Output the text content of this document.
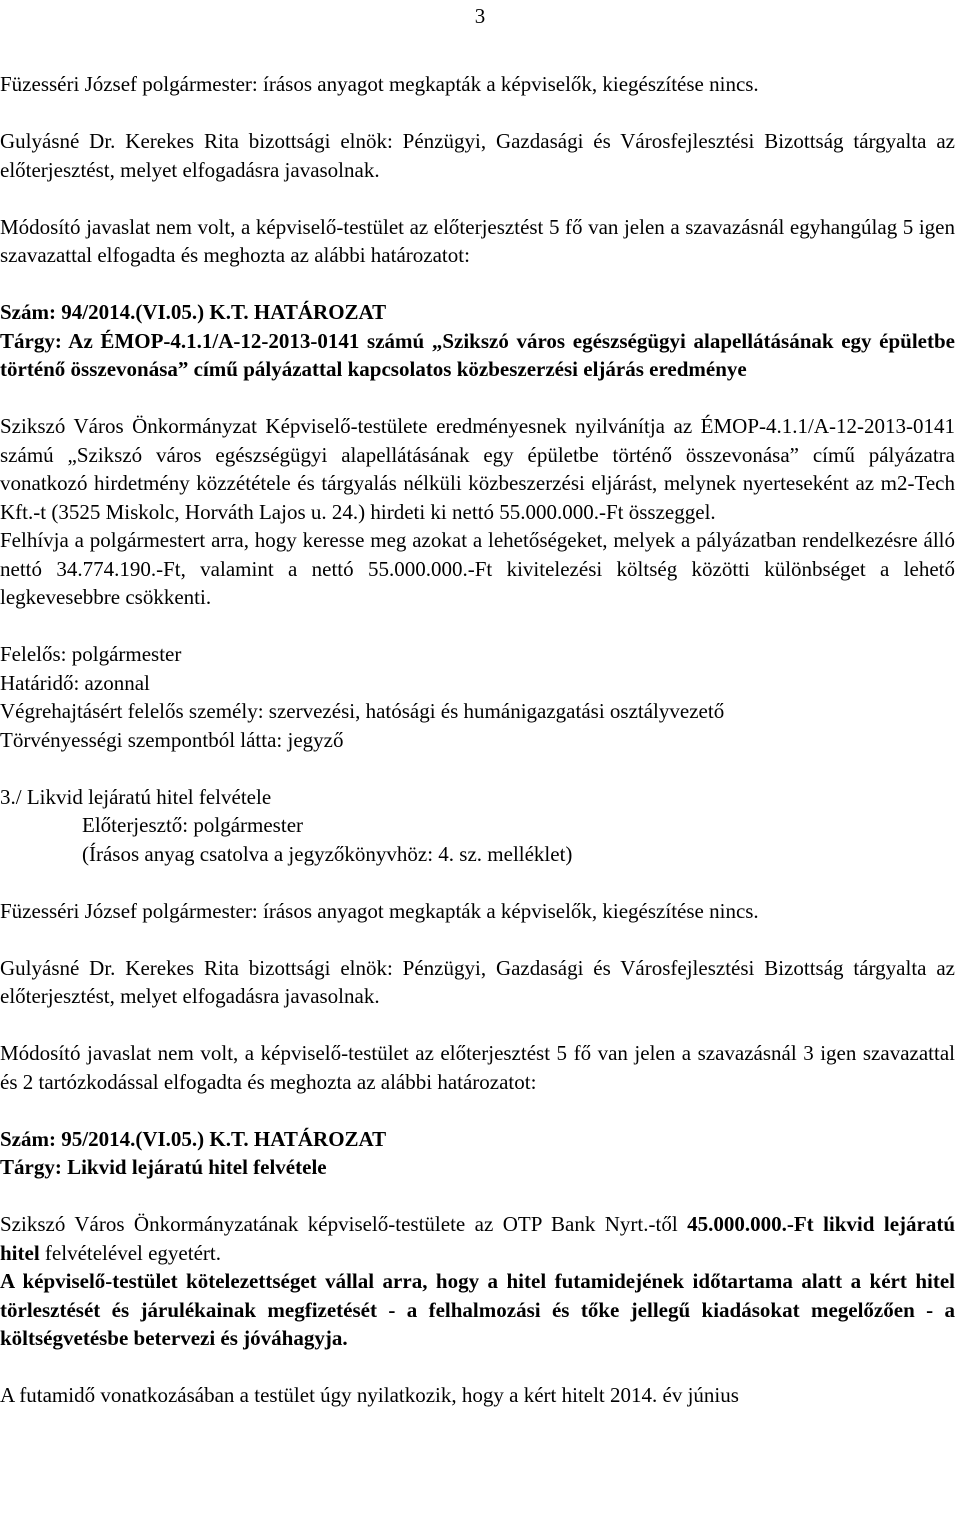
3

Füzesséri József polgármester: írásos anyagot megkapták a képviselők, kiegészítése nincs.

Gulyásné Dr. Kerekes Rita bizottsági elnök: Pénzügyi, Gazdasági és Városfejlesztési Bizottság tárgyalta az előterjesztést, melyet elfogadásra javasolnak.

Módosító javaslat nem volt, a képviselő-testület az előterjesztést 5 fő van jelen a szavazásnál egyhangúlag 5 igen szavazattal elfogadta és meghozta az alábbi határozatot:

Szám: 94/2014.(VI.05.) K.T. HATÁROZAT

Tárgy: Az ÉMOP-4.1.1/A-12-2013-0141 számú „Szikszó város egészségügyi alapellátásának egy épületbe történő összevonása” című pályázattal kapcsolatos közbeszerzési eljárás eredménye

Szikszó Város Önkormányzat Képviselő-testülete eredményesnek nyilvánítja az ÉMOP-4.1.1/A-12-2013-0141 számú „Szikszó város egészségügyi alapellátásának egy épületbe történő összevonása” című pályázatra vonatkozó hirdetmény közzététele és tárgyalás nélküli közbeszerzési eljárást, melynek nyerteseként az m2-Tech Kft.-t (3525 Miskolc, Horváth Lajos u. 24.) hirdeti ki nettó 55.000.000.-Ft összeggel.

Felhívja a polgármestert arra, hogy keresse meg azokat a lehetőségeket, melyek a pályázatban rendelkezésre álló nettó 34.774.190.-Ft, valamint a nettó 55.000.000.-Ft kivitelezési költség közötti különbséget a lehető legkevesebbre csökkenti.

Felelős: polgármester

Határidő: azonnal

Végrehajtásért felelős személy: szervezési, hatósági és humánigazgatási osztályvezető

Törvényességi szempontból látta: jegyző

3./ Likvid lejáratú hitel felvétele

Előterjesztő: polgármester

(Írásos anyag csatolva a jegyzőkönyvhöz: 4. sz. melléklet)

Füzesséri József polgármester: írásos anyagot megkapták a képviselők, kiegészítése nincs.

Gulyásné Dr. Kerekes Rita bizottsági elnök: Pénzügyi, Gazdasági és Városfejlesztési Bizottság tárgyalta az előterjesztést, melyet elfogadásra javasolnak.

Módosító javaslat nem volt, a képviselő-testület az előterjesztést 5 fő van jelen a szavazásnál 3 igen szavazattal és 2 tartózkodással elfogadta és meghozta az alábbi határozatot:

Szám: 95/2014.(VI.05.) K.T. HATÁROZAT

Tárgy: Likvid lejáratú hitel felvétele

Szikszó Város Önkormányzatának képviselő-testülete az OTP Bank Nyrt.-től 45.000.000.-Ft likvid lejáratú hitel felvételével egyetért.

A képviselő-testület kötelezettséget vállal arra, hogy a hitel futamidejének időtartama alatt a kért hitel törlesztését és járulékainak megfizetését - a felhalmozási és tőke jellegű kiadásokat megelőzően - a költségvetésbe betervezi és jóváhagyja.

A futamidő vonatkozásában a testület úgy nyilatkozik, hogy a kért hitelt 2014. év június
